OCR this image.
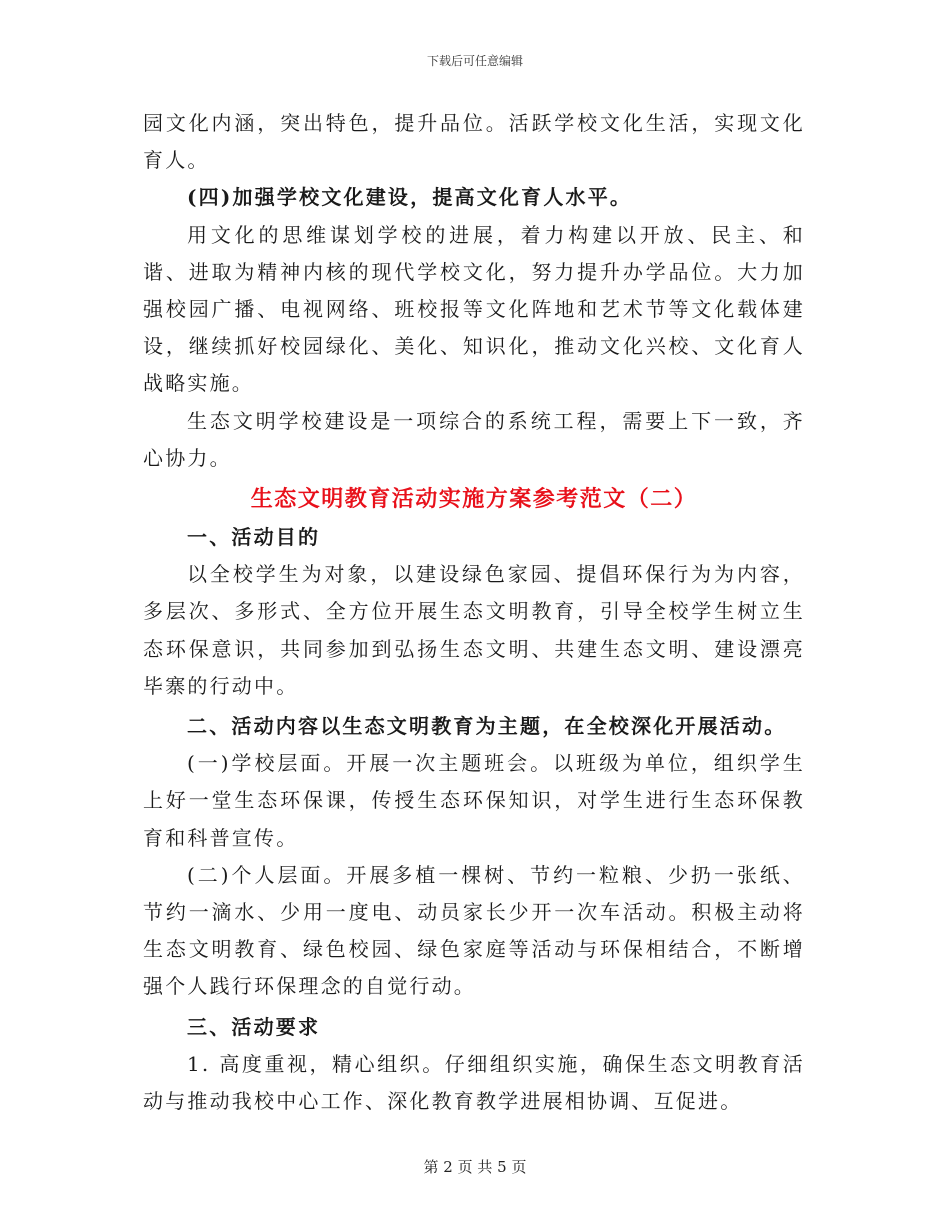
下载后可任意编辑

园文化内涵，突出特色，提升品位。活跃学校文化生活，实现文化育人。

(四)加强学校文化建设，提高文化育人水平。

用文化的思维谋划学校的进展，着力构建以开放、民主、和谐、进取为精神内核的现代学校文化，努力提升办学品位。大力加强校园广播、电视网络、班校报等文化阵地和艺术节等文化载体建设，继续抓好校园绿化、美化、知识化，推动文化兴校、文化育人战略实施。

生态文明学校建设是一项综合的系统工程，需要上下一致，齐心协力。

生态文明教育活动实施方案参考范文（二）

一、活动目的

以全校学生为对象，以建设绿色家园、提倡环保行为为内容，多层次、多形式、全方位开展生态文明教育，引导全校学生树立生态环保意识，共同参加到弘扬生态文明、共建生态文明、建设漂亮毕寨的行动中。

二、活动内容以生态文明教育为主题，在全校深化开展活动。

(一)学校层面。开展一次主题班会。以班级为单位，组织学生上好一堂生态环保课，传授生态环保知识，对学生进行生态环保教育和科普宣传。

(二)个人层面。开展多植一棵树、节约一粒粮、少扔一张纸、节约一滴水、少用一度电、动员家长少开一次车活动。积极主动将生态文明教育、绿色校园、绿色家庭等活动与环保相结合，不断增强个人践行环保理念的自觉行动。

三、活动要求

1. 高度重视，精心组织。仔细组织实施，确保生态文明教育活动与推动我校中心工作、深化教育教学进展相协调、互促进。

第 2 页 共 5 页
